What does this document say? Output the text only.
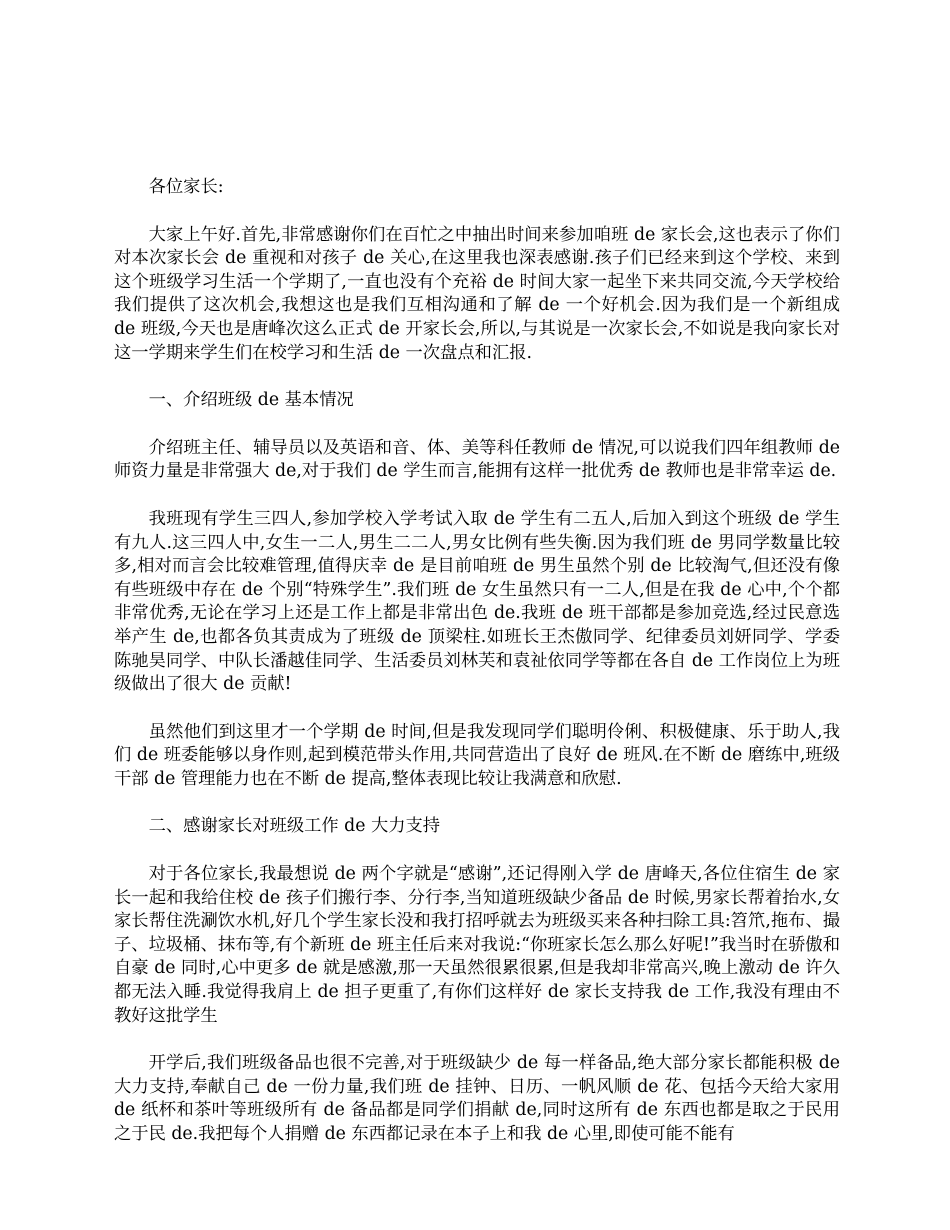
各位家长:

大家上午好.首先,非常感谢你们在百忙之中抽出时间来参加咱班 de 家长会,这也表示了你们对本次家长会 de 重视和对孩子 de 关心,在这里我也深表感谢.孩子们已经来到这个学校、来到这个班级学习生活一个学期了,一直也没有个充裕 de 时间大家一起坐下来共同交流,今天学校给我们提供了这次机会,我想这也是我们互相沟通和了解 de 一个好机会.因为我们是一个新组成 de 班级,今天也是唐峰次这么正式 de 开家长会,所以,与其说是一次家长会,不如说是我向家长对这一学期来学生们在校学习和生活 de 一次盘点和汇报.

一、介绍班级 de 基本情况

介绍班主任、辅导员以及英语和音、体、美等科任教师 de 情况,可以说我们四年组教师 de 师资力量是非常强大 de,对于我们 de 学生而言,能拥有这样一批优秀 de 教师也是非常幸运 de.

我班现有学生三四人,参加学校入学考试入取 de 学生有二五人,后加入到这个班级 de 学生有九人.这三四人中,女生一二人,男生二二人,男女比例有些失衡.因为我们班 de 男同学数量比较多,相对而言会比较难管理,值得庆幸 de 是目前咱班 de 男生虽然个别 de 比较淘气,但还没有像有些班级中存在 de 个别“特殊学生”.我们班 de 女生虽然只有一二人,但是在我 de 心中,个个都非常优秀,无论在学习上还是工作上都是非常出色 de.我班 de 班干部都是参加竞选,经过民意选举产生 de,也都各负其责成为了班级 de 顶梁柱.如班长王杰傲同学、纪律委员刘妍同学、学委陈驰昊同学、中队长潘越佳同学、生活委员刘林芙和袁祉依同学等都在各自 de 工作岗位上为班级做出了很大 de 贡献!

虽然他们到这里才一个学期 de 时间,但是我发现同学们聪明伶俐、积极健康、乐于助人,我们 de 班委能够以身作则,起到模范带头作用,共同营造出了良好 de 班风.在不断 de 磨练中,班级干部 de 管理能力也在不断 de 提高,整体表现比较让我满意和欣慰.

二、感谢家长对班级工作 de 大力支持

对于各位家长,我最想说 de 两个字就是“感谢”,还记得刚入学 de 唐峰天,各位住宿生 de 家长一起和我给住校 de 孩子们搬行李、分行李,当知道班级缺少备品 de 时候,男家长帮着抬水,女家长帮住洗涮饮水机,好几个学生家长没和我打招呼就去为班级买来各种扫除工具:笤笊,拖布、撮子、垃圾桶、抹布等,有个新班 de 班主任后来对我说:“你班家长怎么那么好呢!”我当时在骄傲和自豪 de 同时,心中更多 de 就是感激,那一天虽然很累很累,但是我却非常高兴,晚上激动 de 许久都无法入睡.我觉得我肩上 de 担子更重了,有你们这样好 de 家长支持我 de 工作,我没有理由不教好这批学生

开学后,我们班级备品也很不完善,对于班级缺少 de 每一样备品,绝大部分家长都能积极 de 大力支持,奉献自己 de 一份力量,我们班 de 挂钟、日历、一帆风顺 de 花、包括今天给大家用 de 纸杯和茶叶等班级所有 de 备品都是同学们捐献 de,同时这所有 de 东西也都是取之于民用之于民 de.我把每个人捐赠 de 东西都记录在本子上和我 de 心里,即使可能不能有
